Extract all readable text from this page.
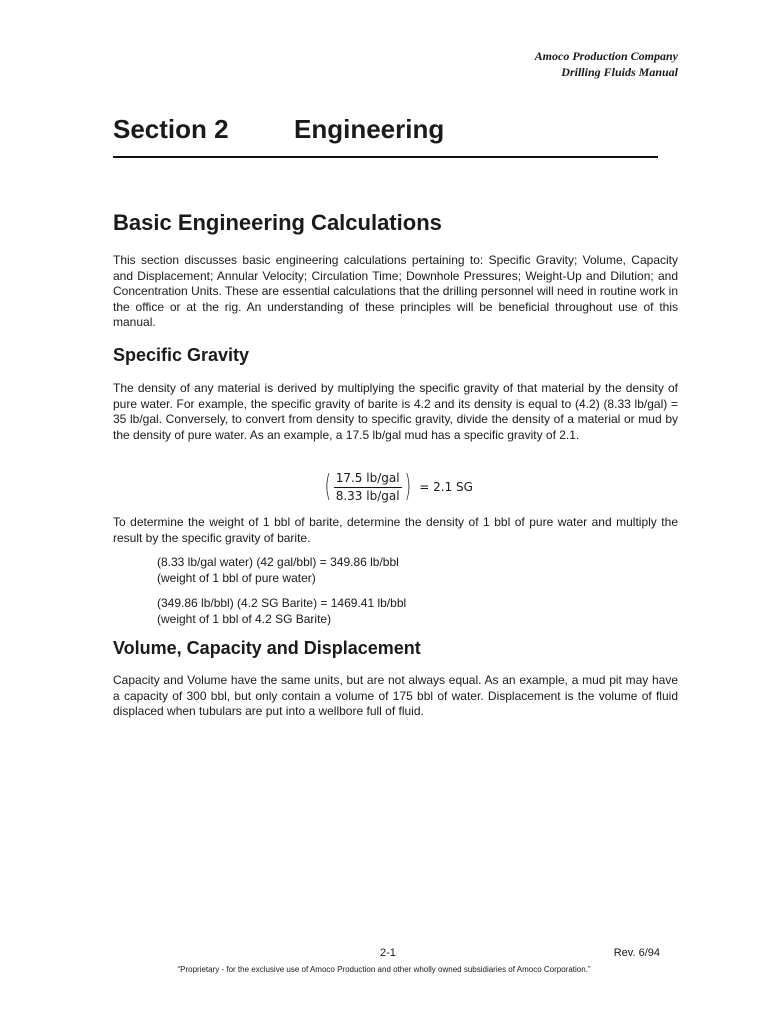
Amoco Production Company
Drilling Fluids Manual
Section 2	Engineering
Basic Engineering Calculations
This section discusses basic engineering calculations pertaining to: Specific Gravity; Volume, Capacity and Displacement; Annular Velocity; Circulation Time; Downhole Pressures; Weight-Up and Dilution; and Concentration Units. These are essential calculations that the drilling personnel will need in routine work in the office or at the rig. An understanding of these principles will be beneficial throughout use of this manual.
Specific Gravity
The density of any material is derived by multiplying the specific gravity of that material by the density of pure water. For example, the specific gravity of barite is 4.2 and its density is equal to (4.2) (8.33 lb/gal) = 35 lb/gal. Conversely, to convert from density to specific gravity, divide the density of a material or mud by the density of pure water. As an example, a 17.5 lb/gal mud has a specific gravity of 2.1.
( $\frac{\text{17.5 lb/gal}}{\text{8.33 lb/gal}}$ ) = 2.1 SG
To determine the weight of 1 bbl of barite, determine the density of 1 bbl of pure water and multiply the result by the specific gravity of barite.
(8.33 lb/gal water) (42 gal/bbl) = 349.86 lb/bbl
(weight of 1 bbl of pure water)
(349.86 lb/bbl) (4.2 SG Barite) = 1469.41 lb/bbl
(weight of 1 bbl of 4.2 SG Barite)
Volume, Capacity and Displacement
Capacity and Volume have the same units, but are not always equal. As an example, a mud pit may have a capacity of 300 bbl, but only contain a volume of 175 bbl of water. Displacement is the volume of fluid displaced when tubulars are put into a wellbore full of fluid.
2-1	Rev. 6/94
“Proprietary - for the exclusive use of Amoco Production and other wholly owned subsidiaries of Amoco Corporation.”
